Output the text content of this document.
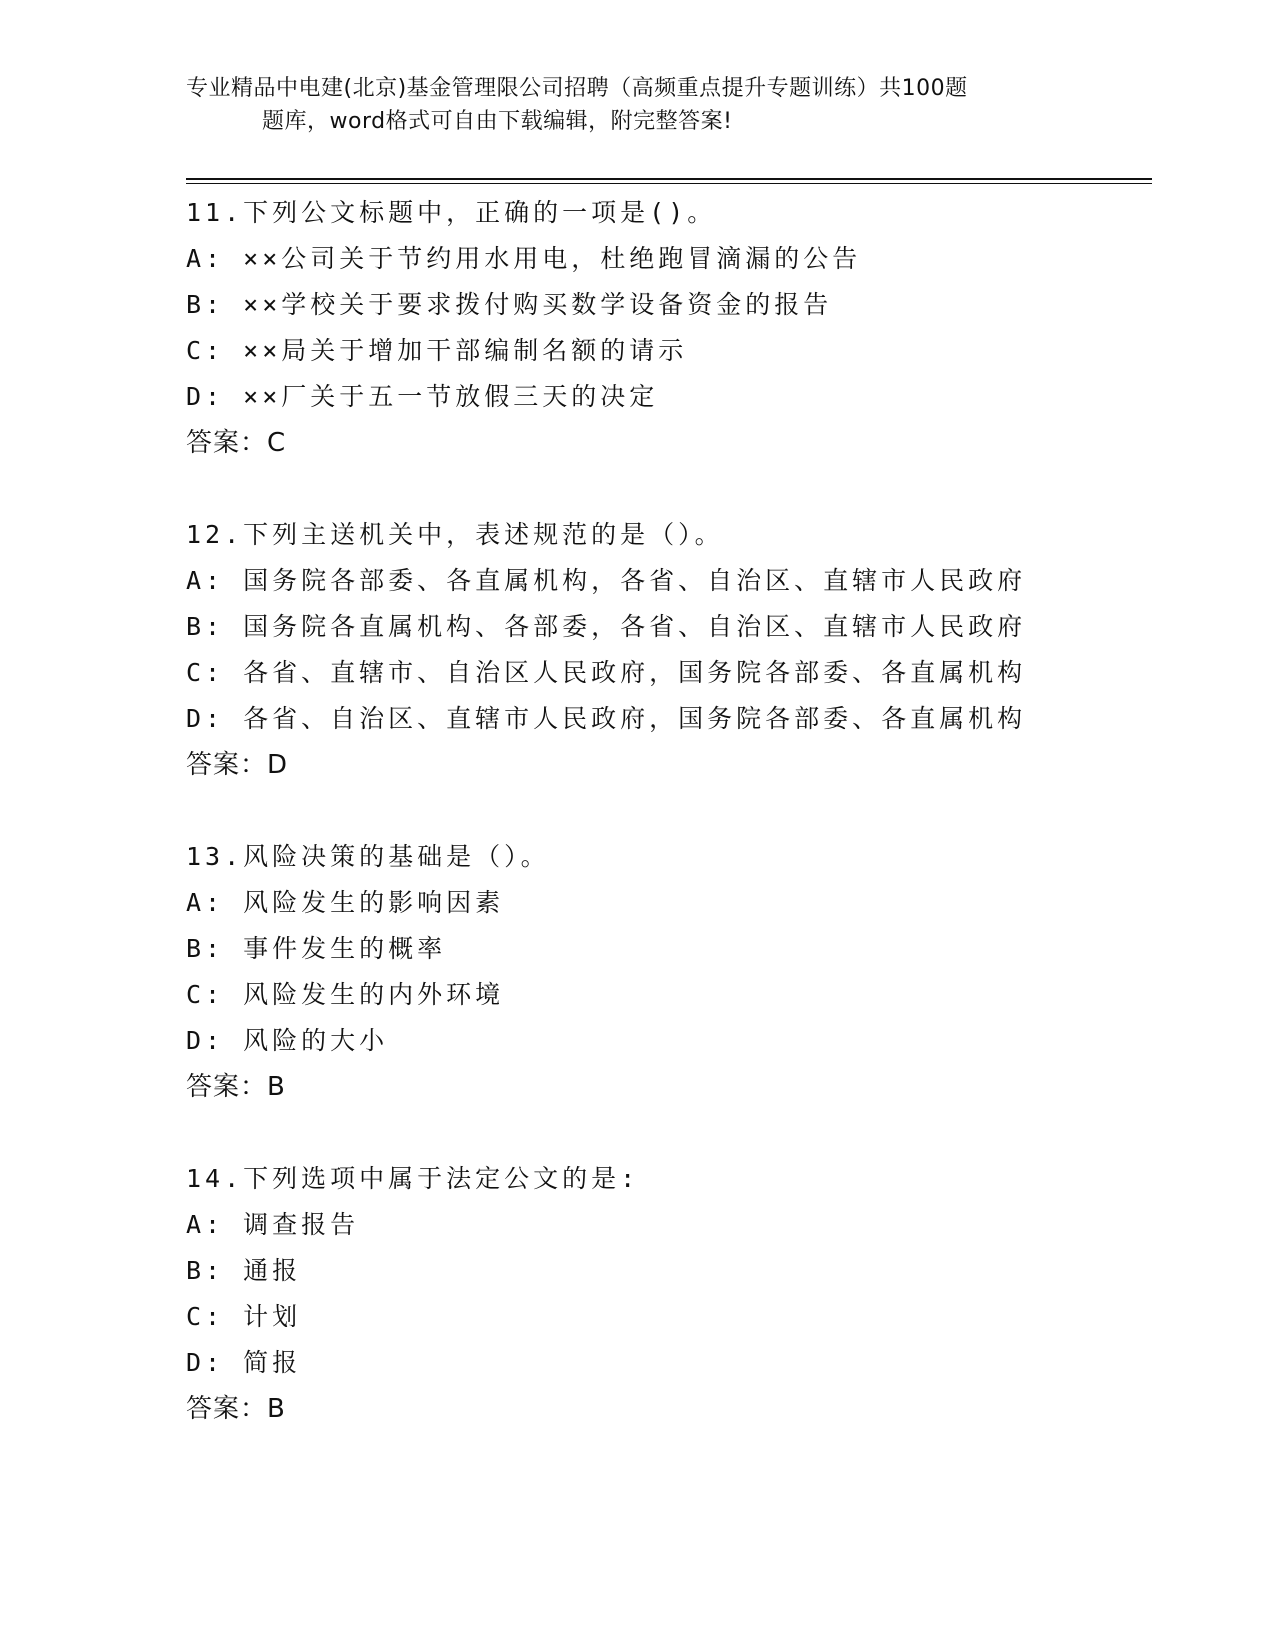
专业精品中电建(北京)基金管理限公司招聘（高频重点提升专题训练）共100题
题库，word格式可自由下载编辑，附完整答案!
11.下列公文标题中，正确的一项是()。
A: ××公司关于节约用水用电，杜绝跑冒滴漏的公告
B: ××学校关于要求拨付购买数学设备资金的报告
C: ××局关于增加干部编制名额的请示
D: ××厂关于五一节放假三天的决定
答案：C
12.下列主送机关中，表述规范的是（）。
A: 国务院各部委、各直属机构，各省、自治区、直辖市人民政府
B: 国务院各直属机构、各部委，各省、自治区、直辖市人民政府
C: 各省、直辖市、自治区人民政府，国务院各部委、各直属机构
D: 各省、自治区、直辖市人民政府，国务院各部委、各直属机构
答案：D
13.风险决策的基础是（）。
A: 风险发生的影响因素
B: 事件发生的概率
C: 风险发生的内外环境
D: 风险的大小
答案：B
14.下列选项中属于法定公文的是:
A: 调查报告
B: 通报
C: 计划
D: 简报
答案：B
